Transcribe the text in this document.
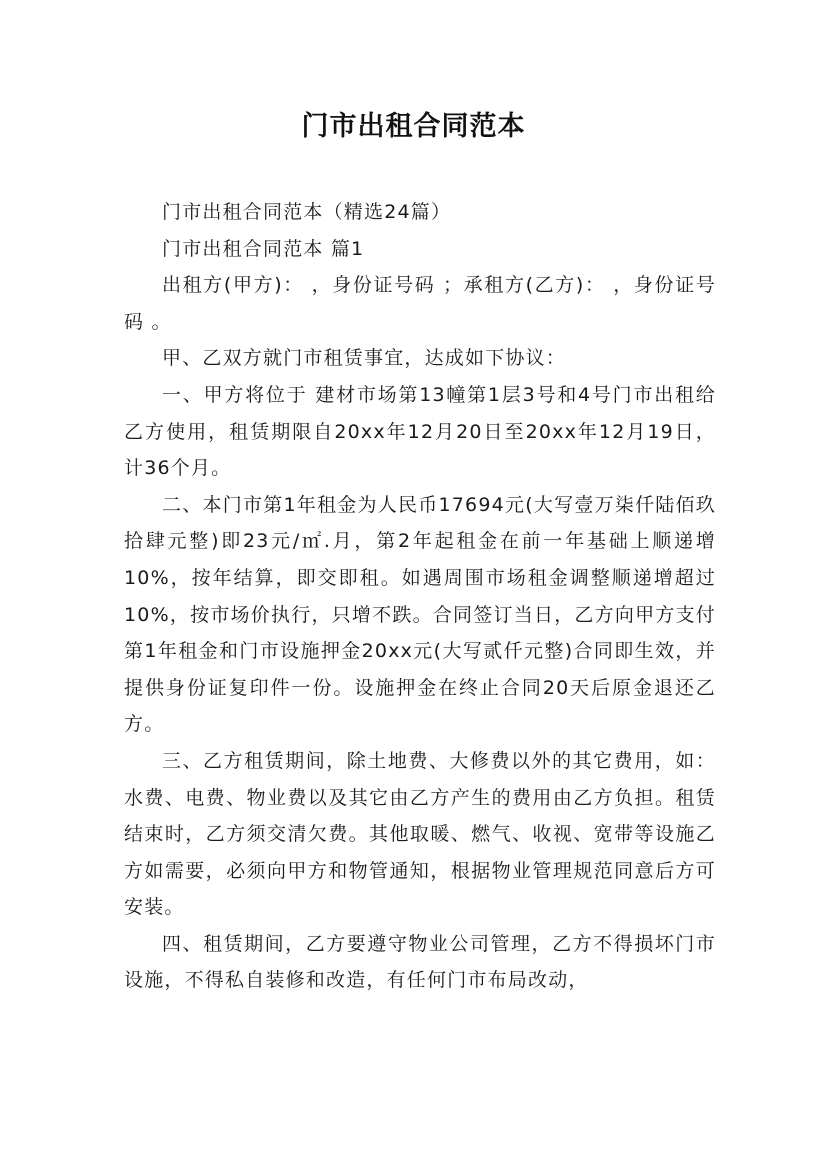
门市出租合同范本

门市出租合同范本（精选24篇）

门市出租合同范本 篇1

出租方(甲方)： ，身份证号码 ；承租方(乙方)： ，身份证号码 。

甲、乙双方就门市租赁事宜，达成如下协议：

一、甲方将位于 建材市场第13幢第1层3号和4号门市出租给乙方使用，租赁期限自20xx年12月20日至20xx年12月19日，计36个月。

二、本门市第1年租金为人民币17694元(大写壹万柒仟陆佰玖拾肆元整)即23元/㎡.月，第2年起租金在前一年基础上顺递增10%，按年结算，即交即租。如遇周围市场租金调整顺递增超过10%，按市场价执行，只增不跌。合同签订当日，乙方向甲方支付第1年租金和门市设施押金20xx元(大写贰仟元整)合同即生效，并提供身份证复印件一份。设施押金在终止合同20天后原金退还乙方。

三、乙方租赁期间，除土地费、大修费以外的其它费用，如：水费、电费、物业费以及其它由乙方产生的费用由乙方负担。租赁结束时，乙方须交清欠费。其他取暖、燃气、收视、宽带等设施乙方如需要，必须向甲方和物管通知，根据物业管理规范同意后方可安装。

四、租赁期间，乙方要遵守物业公司管理，乙方不得损坏门市设施，不得私自装修和改造，有任何门市布局改动，
